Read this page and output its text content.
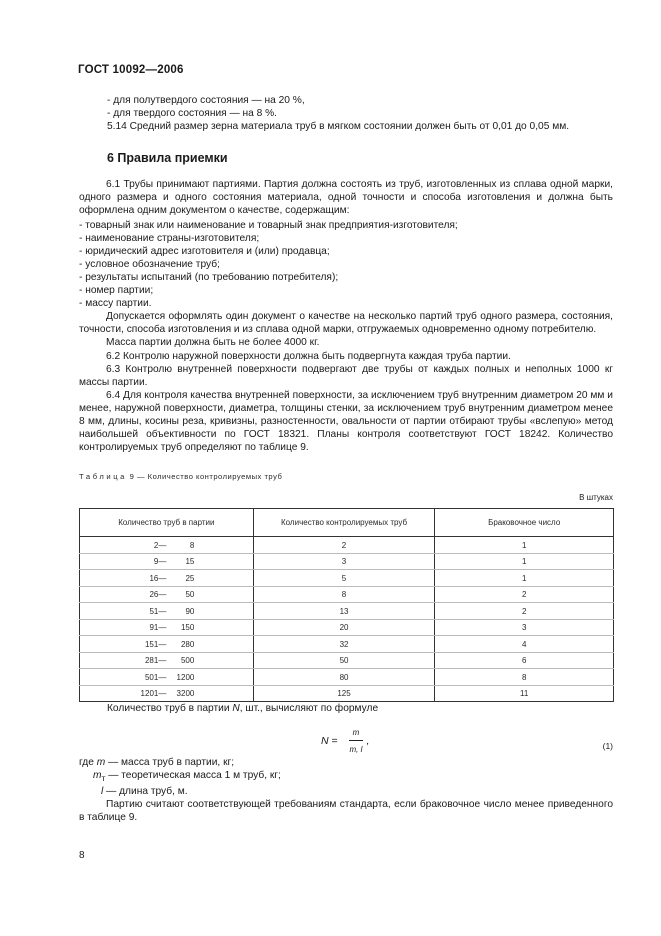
ГОСТ 10092—2006

- для полутвердого состояния — на 20 %,

- для твердого состояния — на 8 %.

5.14 Средний размер зерна материала труб в мягком состоянии должен быть от 0,01 до 0,05 мм.

6 Правила приемки

6.1 Трубы принимают партиями. Партия должна состоять из труб, изготовленных из сплава одной марки, одного размера и одного состояния материала, одной точности и способа изготовления и должна быть оформлена одним документом о качестве, содержащим:

- товарный знак или наименование и товарный знак предприятия-изготовителя;

- наименование страны-изготовителя;

- юридический адрес изготовителя и (или) продавца;

- условное обозначение труб;

- результаты испытаний (по требованию потребителя);

- номер партии;

- массу партии.

Допускается оформлять один документ о качестве на несколько партий труб одного размера, состояния, точности, способа изготовления и из сплава одной марки, отгружаемых одновременно одному потребителю.

Масса партии должна быть не более 4000 кг.

6.2 Контролю наружной поверхности должна быть подвергнута каждая труба партии.

6.3 Контролю внутренней поверхности подвергают две трубы от каждых полных и неполных 1000 кг массы партии.

6.4 Для контроля качества внутренней поверхности, за исключением труб внутренним диаметром 20 мм и менее, наружной поверхности, диаметра, толщины стенки, за исключением труб внутренним диаметром менее 8 мм, длины, косины реза, кривизны, разностенности, овальности от партии отбирают трубы «вслепую» метод наибольшей объективности по ГОСТ 18321. Планы контроля соответствуют ГОСТ 18242. Количество контролируемых труб определяют по таблице 9.

Таблица 9 — Количество контролируемых труб
В штуках
Количество труб в партии	Количество контролируемых труб	Браковочное число
2— 8	2	1
9— 15	3	1
16— 25	5	1
26— 50	8	2
51— 90	13	2
91— 150	20	3
151— 280	32	4
281— 500	50	6
501— 1200	80	8
1201— 3200	125	11

Количество труб в партии N, шт., вычисляют по формуле

$N = \frac{m}{m, l}$ ,	(1)

где m — масса труб в партии, кг;

$m_т$ — теоретическая масса 1 м труб, кг;

l — длина труб, м.

Партию считают соответствующей требованиям стандарта, если браковочное число менее приведенного в таблице 9.

8
